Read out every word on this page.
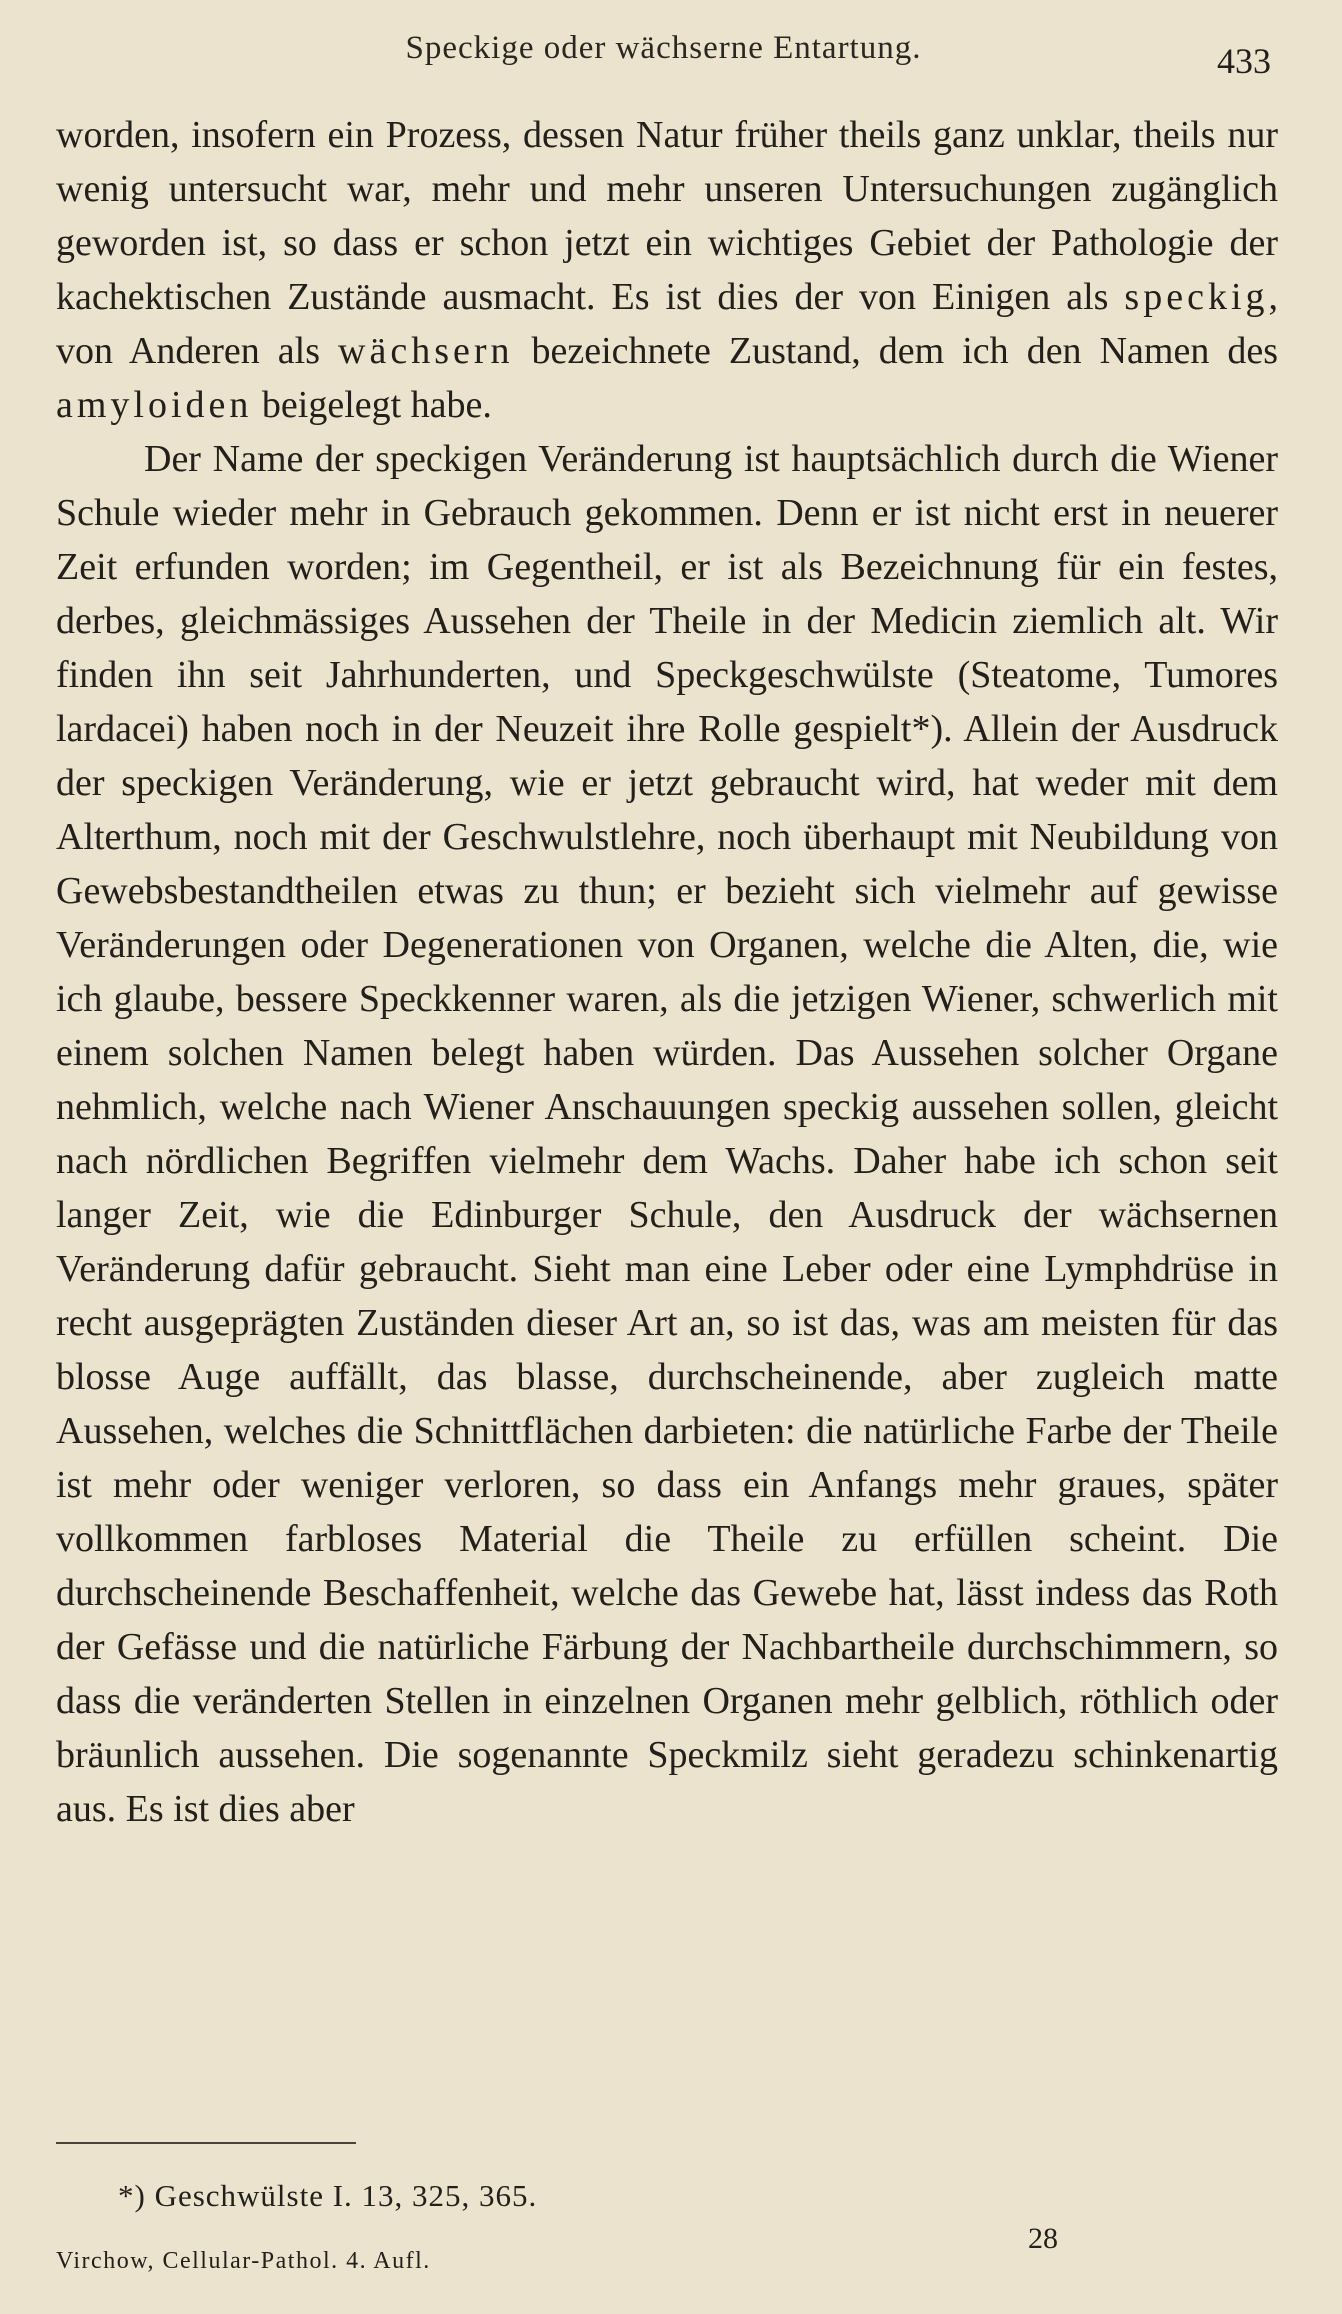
Speckige oder wächserne Entartung.	433

worden, insofern ein Prozess, dessen Natur früher theils ganz unklar, theils nur wenig untersucht war, mehr und mehr unseren Untersuchungen zugänglich geworden ist, so dass er schon jetzt ein wichtiges Gebiet der Pathologie der kachektischen Zustände ausmacht. Es ist dies der von Einigen als speckig, von Anderen als wächsern bezeichnete Zustand, dem ich den Namen des amyloiden beigelegt habe.

Der Name der speckigen Veränderung ist hauptsächlich durch die Wiener Schule wieder mehr in Gebrauch gekommen. Denn er ist nicht erst in neuerer Zeit erfunden worden; im Gegentheil, er ist als Bezeichnung für ein festes, derbes, gleichmässiges Aussehen der Theile in der Medicin ziemlich alt. Wir finden ihn seit Jahrhunderten, und Speckgeschwülste (Steatome, Tumores lardacei) haben noch in der Neuzeit ihre Rolle gespielt*). Allein der Ausdruck der speckigen Veränderung, wie er jetzt gebraucht wird, hat weder mit dem Alterthum, noch mit der Geschwulstlehre, noch überhaupt mit Neubildung von Gewebsbestandtheilen etwas zu thun; er bezieht sich vielmehr auf gewisse Veränderungen oder Degenerationen von Organen, welche die Alten, die, wie ich glaube, bessere Speckkenner waren, als die jetzigen Wiener, schwerlich mit einem solchen Namen belegt haben würden. Das Aussehen solcher Organe nehmlich, welche nach Wiener Anschauungen speckig aussehen sollen, gleicht nach nördlichen Begriffen vielmehr dem Wachs. Daher habe ich schon seit langer Zeit, wie die Edinburger Schule, den Ausdruck der wächsernen Veränderung dafür gebraucht. Sieht man eine Leber oder eine Lymphdrüse in recht ausgeprägten Zuständen dieser Art an, so ist das, was am meisten für das blosse Auge auffällt, das blasse, durchscheinende, aber zugleich matte Aussehen, welches die Schnittflächen darbieten: die natürliche Farbe der Theile ist mehr oder weniger verloren, so dass ein Anfangs mehr graues, später vollkommen farbloses Material die Theile zu erfüllen scheint. Die durchscheinende Beschaffenheit, welche das Gewebe hat, lässt indess das Roth der Gefässe und die natürliche Färbung der Nachbartheile durchschimmern, so dass die veränderten Stellen in einzelnen Organen mehr gelblich, röthlich oder bräunlich aussehen. Die sogenannte Speckmilz sieht geradezu schinkenartig aus. Es ist dies aber

*) Geschwülste I. 13, 325, 365.
Virchow, Cellular-Pathol. 4. Aufl.
28
